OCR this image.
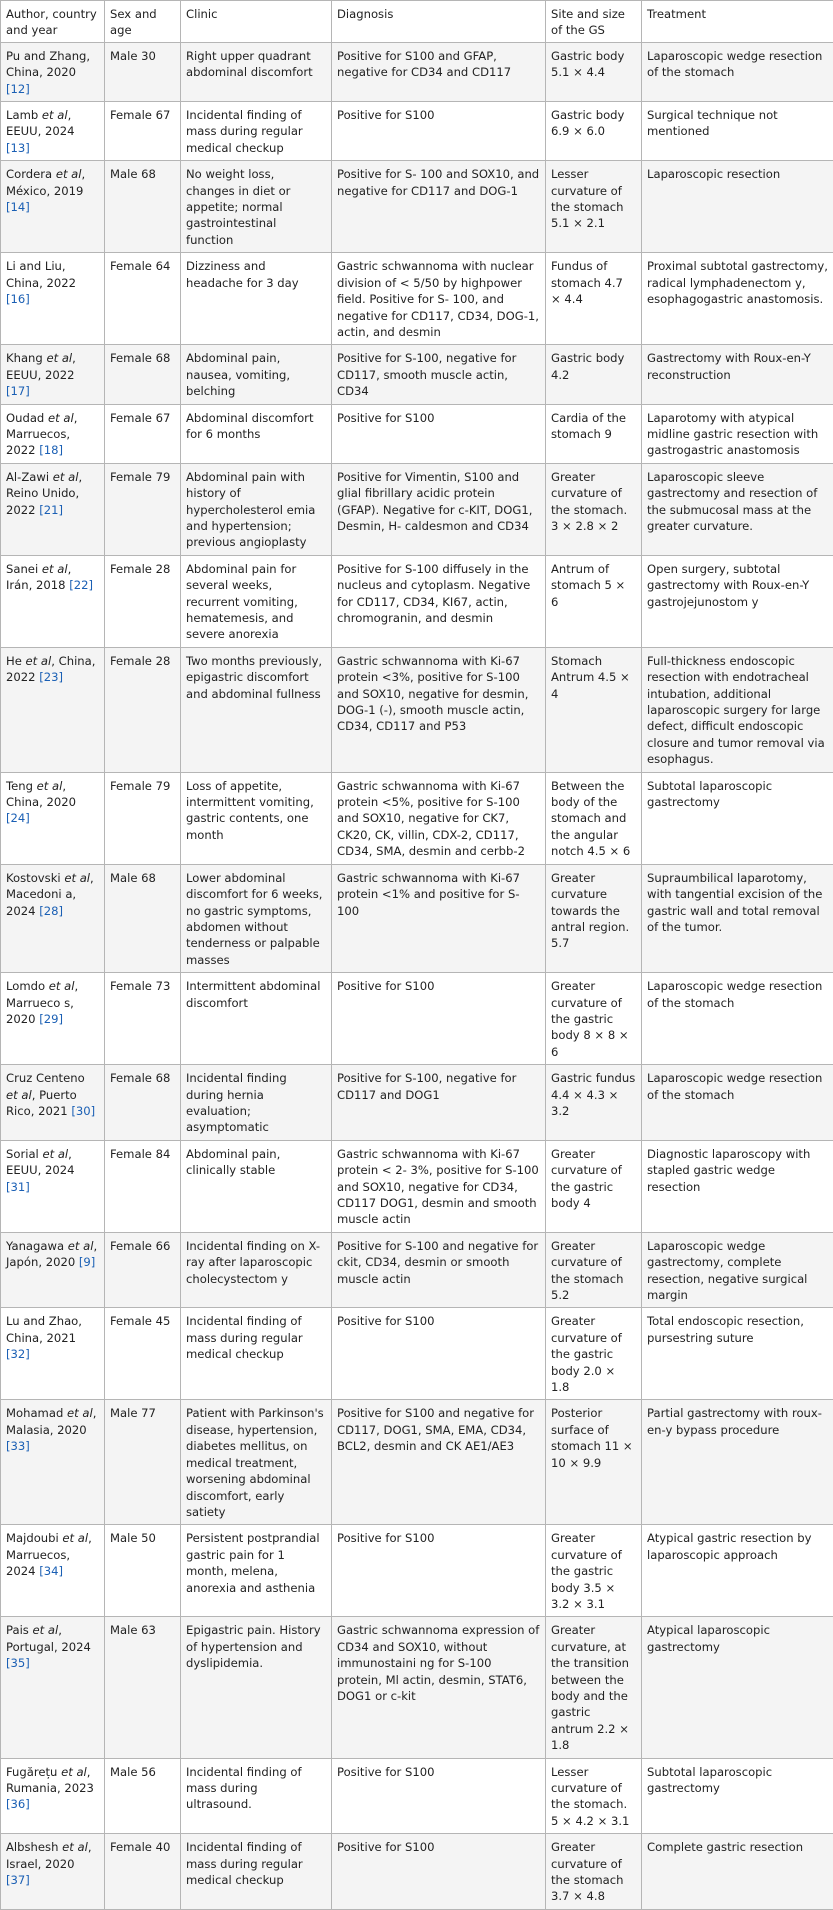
Author, country and year	Sex and age	Clinic	Diagnosis	Site and size of the GS	Treatment
Pu and Zhang, China, 2020 [12]	Male 30	Right upper quadrant abdominal discomfort	Positive for S100 and GFAP, negative for CD34 and CD117	Gastric body 5.1 × 4.4	Laparoscopic wedge resection of the stomach
Lamb et al, EEUU, 2024 [13]	Female 67	Incidental finding of mass during regular medical checkup	Positive for S100	Gastric body 6.9 × 6.0	Surgical technique not mentioned
Cordera et al, México, 2019 [14]	Male 68	No weight loss, changes in diet or appetite; normal gastrointestinal function	Positive for S- 100 and SOX10, and negative for CD117 and DOG-1	Lesser curvature of the stomach 5.1 × 2.1	Laparoscopic resection
Li and Liu, China, 2022 [16]	Female 64	Dizziness and headache for 3 day	Gastric schwannoma with nuclear division of < 5/50 by highpower field. Positive for S- 100, and negative for CD117, CD34, DOG-1, actin, and desmin	Fundus of stomach 4.7 × 4.4	Proximal subtotal gastrectomy, radical lymphadenectom y, esophagogastric anastomosis.
Khang et al, EEUU, 2022 [17]	Female 68	Abdominal pain, nausea, vomiting, belching	Positive for S-100, negative for CD117, smooth muscle actin, CD34	Gastric body 4.2	Gastrectomy with Roux-en-Y reconstruction
Oudad et al, Marruecos, 2022 [18]	Female 67	Abdominal discomfort for 6 months	Positive for S100	Cardia of the stomach 9	Laparotomy with atypical midline gastric resection with gastrogastric anastomosis
Al-Zawi et al, Reino Unido, 2022 [21]	Female 79	Abdominal pain with history of hypercholesterol emia and hypertension; previous angioplasty	Positive for Vimentin, S100 and glial fibrillary acidic protein (GFAP). Negative for c-KIT, DOG1, Desmin, H- caldesmon and CD34	Greater curvature of the stomach. 3 × 2.8 × 2	Laparoscopic sleeve gastrectomy and resection of the submucosal mass at the greater curvature.
Sanei et al, Irán, 2018 [22]	Female 28	Abdominal pain for several weeks, recurrent vomiting, hematemesis, and severe anorexia	Positive for S-100 diffusely in the nucleus and cytoplasm. Negative for CD117, CD34, KI67, actin, chromogranin, and desmin	Antrum of stomach 5 × 6	Open surgery, subtotal gastrectomy with Roux-en-Y gastrojejunostom y
He et al, China, 2022 [23]	Female 28	Two months previously, epigastric discomfort and abdominal fullness	Gastric schwannoma with Ki-67 protein <3%, positive for S-100 and SOX10, negative for desmin, DOG-1 (-), smooth muscle actin, CD34, CD117 and P53	Stomach Antrum 4.5 × 4	Full-thickness endoscopic resection with endotracheal intubation, additional laparoscopic surgery for large defect, difficult endoscopic closure and tumor removal via esophagus.
Teng et al, China, 2020 [24]	Female 79	Loss of appetite, intermittent vomiting, gastric contents, one month	Gastric schwannoma with Ki-67 protein <5%, positive for S-100 and SOX10, negative for CK7, CK20, CK, villin, CDX-2, CD117, CD34, SMA, desmin and cerbb-2	Between the body of the stomach and the angular notch 4.5 × 6	Subtotal laparoscopic gastrectomy
Kostovski et al, Macedoni a, 2024 [28]	Male 68	Lower abdominal discomfort for 6 weeks, no gastric symptoms, abdomen without tenderness or palpable masses	Gastric schwannoma with Ki-67 protein <1% and positive for S-100	Greater curvature towards the antral region. 5.7	Supraumbilical laparotomy, with tangential excision of the gastric wall and total removal of the tumor.
Lomdo et al, Marrueco s, 2020 [29]	Female 73	Intermittent abdominal discomfort	Positive for S100	Greater curvature of the gastric body 8 × 8 × 6	Laparoscopic wedge resection of the stomach
Cruz Centeno et al, Puerto Rico, 2021 [30]	Female 68	Incidental finding during hernia evaluation; asymptomatic	Positive for S-100, negative for CD117 and DOG1	Gastric fundus 4.4 × 4.3 × 3.2	Laparoscopic wedge resection of the stomach
Sorial et al, EEUU, 2024 [31]	Female 84	Abdominal pain, clinically stable	Gastric schwannoma with Ki-67 protein < 2- 3%, positive for S-100 and SOX10, negative for CD34, CD117 DOG1, desmin and smooth muscle actin	Greater curvature of the gastric body 4	Diagnostic laparoscopy with stapled gastric wedge resection
Yanagawa et al, Japón, 2020 [9]	Female 66	Incidental finding on X-ray after laparoscopic cholecystectom y	Positive for S-100 and negative for ckit, CD34, desmin or smooth muscle actin	Greater curvature of the stomach 5.2	Laparoscopic wedge gastrectomy, complete resection, negative surgical margin
Lu and Zhao, China, 2021 [32]	Female 45	Incidental finding of mass during regular medical checkup	Positive for S100	Greater curvature of the gastric body 2.0 × 1.8	Total endoscopic resection, pursestring suture
Mohamad et al, Malasia, 2020 [33]	Male 77	Patient with Parkinson's disease, hypertension, diabetes mellitus, on medical treatment, worsening abdominal discomfort, early satiety	Positive for S100 and negative for CD117, DOG1, SMA, EMA, CD34, BCL2, desmin and CK AE1/AE3	Posterior surface of stomach 11 × 10 × 9.9	Partial gastrectomy with roux-en-y bypass procedure
Majdoubi et al, Marruecos, 2024 [34]	Male 50	Persistent postprandial gastric pain for 1 month, melena, anorexia and asthenia	Positive for S100	Greater curvature of the gastric body 3.5 × 3.2 × 3.1	Atypical gastric resection by laparoscopic approach
Pais et al, Portugal, 2024 [35]	Male 63	Epigastric pain. History of hypertension and dyslipidemia.	Gastric schwannoma expression of CD34 and SOX10, without immunostaini ng for S-100 protein, Ml actin, desmin, STAT6, DOG1 or c-kit	Greater curvature, at the transition between the body and the gastric antrum 2.2 × 1.8	Atypical laparoscopic gastrectomy
Fugărețu et al, Rumania, 2023 [36]	Male 56	Incidental finding of mass during ultrasound.	Positive for S100	Lesser curvature of the stomach. 5 × 4.2 × 3.1	Subtotal laparoscopic gastrectomy
Albshesh et al, Israel, 2020 [37]	Female 40	Incidental finding of mass during regular medical checkup	Positive for S100	Greater curvature of the stomach 3.7 × 4.8	Complete gastric resection
